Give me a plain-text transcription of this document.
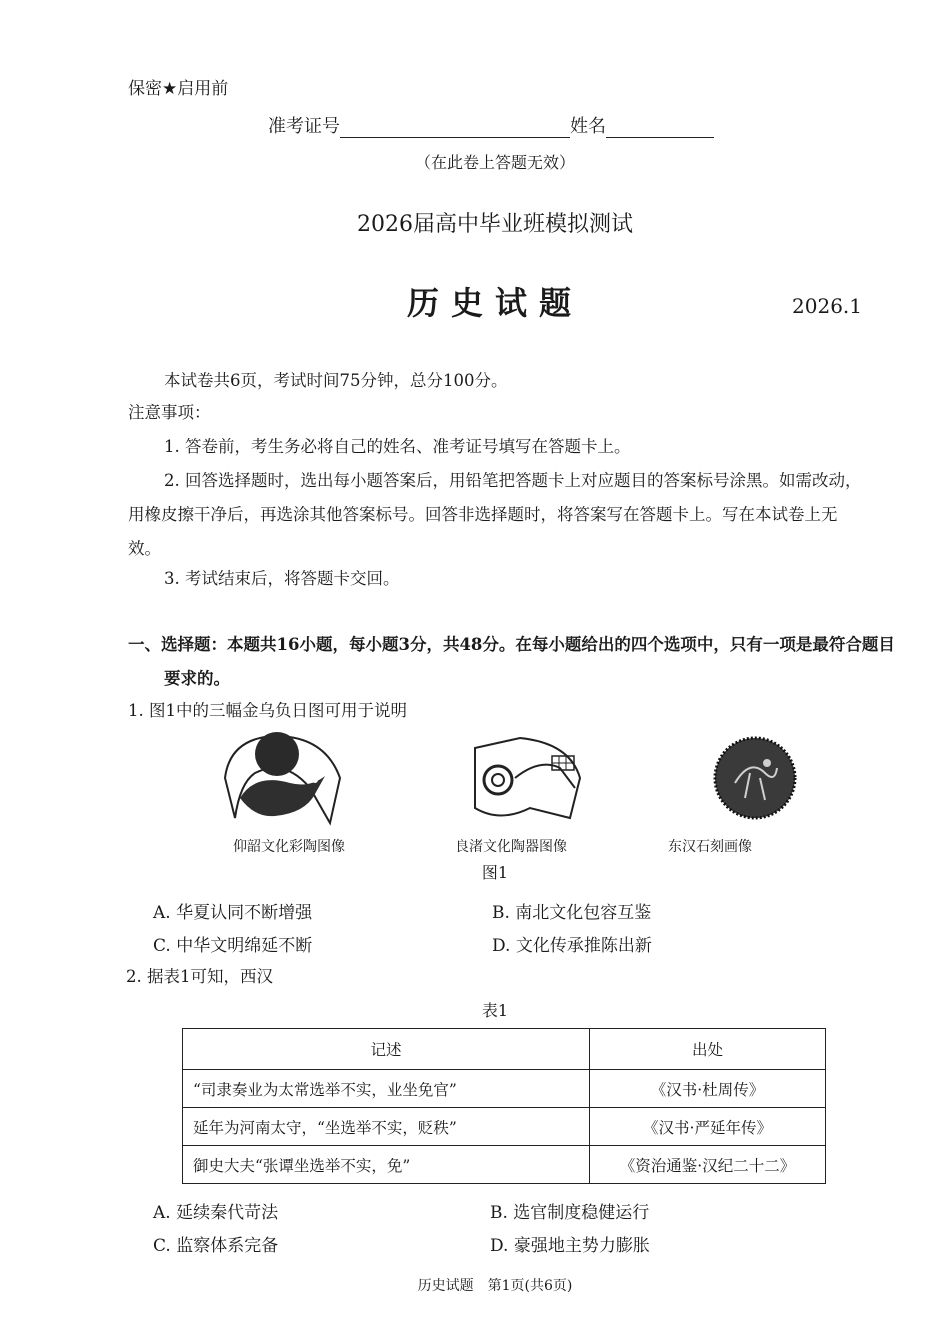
保密★启用前
准考证号	姓名
（在此卷上答题无效）
2026届高中毕业班模拟测试
历史试题	2026.1
本试卷共6页，考试时间75分钟，总分100分。
注意事项：
1. 答卷前，考生务必将自己的姓名、准考证号填写在答题卡上。
2. 回答选择题时，选出每小题答案后，用铅笔把答题卡上对应题目的答案标号涂黑。如需改动，用橡皮擦干净后，再选涂其他答案标号。回答非选择题时，将答案写在答题卡上。写在本试卷上无效。
3. 考试结束后，将答题卡交回。
一、选择题：本题共16小题，每小题3分，共48分。在每小题给出的四个选项中，只有一项是最符合题目要求的。
1. 图1中的三幅金乌负日图可用于说明
仰韶文化彩陶图像	良渚文化陶器图像	东汉石刻画像
图1
A. 华夏认同不断增强	B. 南北文化包容互鉴
C. 中华文明绵延不断	D. 文化传承推陈出新
2. 据表1可知，西汉
表1
记述	出处
“司隶奏业为太常选举不实，业坐免官”	《汉书·杜周传》
延年为河南太守，“坐选举不实，贬秩”	《汉书·严延年传》
御史大夫“张谭坐选举不实，免”	《资治通鉴·汉纪二十二》
A. 延续秦代苛法	B. 选官制度稳健运行
C. 监察体系完备	D. 豪强地主势力膨胀
历史试题　第1页(共6页)
